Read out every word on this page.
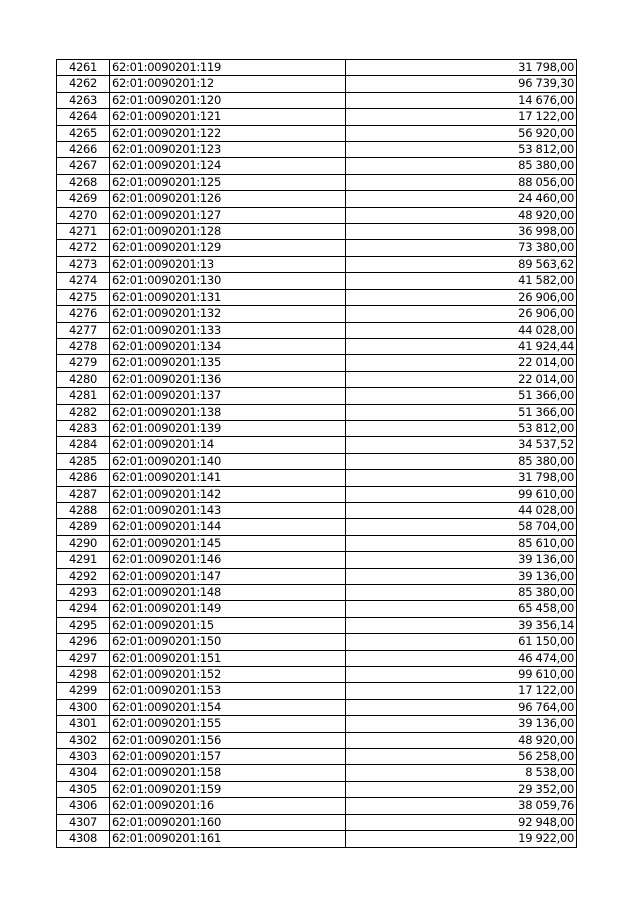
4261	62:01:0090201:119	31 798,00
4262	62:01:0090201:12	96 739,30
4263	62:01:0090201:120	14 676,00
4264	62:01:0090201:121	17 122,00
4265	62:01:0090201:122	56 920,00
4266	62:01:0090201:123	53 812,00
4267	62:01:0090201:124	85 380,00
4268	62:01:0090201:125	88 056,00
4269	62:01:0090201:126	24 460,00
4270	62:01:0090201:127	48 920,00
4271	62:01:0090201:128	36 998,00
4272	62:01:0090201:129	73 380,00
4273	62:01:0090201:13	89 563,62
4274	62:01:0090201:130	41 582,00
4275	62:01:0090201:131	26 906,00
4276	62:01:0090201:132	26 906,00
4277	62:01:0090201:133	44 028,00
4278	62:01:0090201:134	41 924,44
4279	62:01:0090201:135	22 014,00
4280	62:01:0090201:136	22 014,00
4281	62:01:0090201:137	51 366,00
4282	62:01:0090201:138	51 366,00
4283	62:01:0090201:139	53 812,00
4284	62:01:0090201:14	34 537,52
4285	62:01:0090201:140	85 380,00
4286	62:01:0090201:141	31 798,00
4287	62:01:0090201:142	99 610,00
4288	62:01:0090201:143	44 028,00
4289	62:01:0090201:144	58 704,00
4290	62:01:0090201:145	85 610,00
4291	62:01:0090201:146	39 136,00
4292	62:01:0090201:147	39 136,00
4293	62:01:0090201:148	85 380,00
4294	62:01:0090201:149	65 458,00
4295	62:01:0090201:15	39 356,14
4296	62:01:0090201:150	61 150,00
4297	62:01:0090201:151	46 474,00
4298	62:01:0090201:152	99 610,00
4299	62:01:0090201:153	17 122,00
4300	62:01:0090201:154	96 764,00
4301	62:01:0090201:155	39 136,00
4302	62:01:0090201:156	48 920,00
4303	62:01:0090201:157	56 258,00
4304	62:01:0090201:158	8 538,00
4305	62:01:0090201:159	29 352,00
4306	62:01:0090201:16	38 059,76
4307	62:01:0090201:160	92 948,00
4308	62:01:0090201:161	19 922,00
